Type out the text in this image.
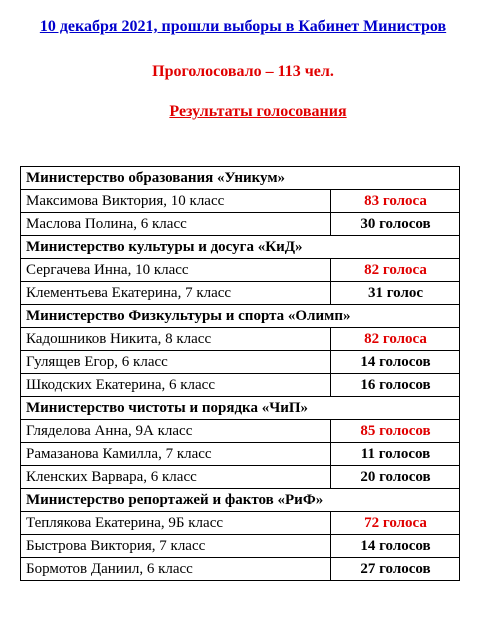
10 декабря 2021, прошли выборы в Кабинет Министров
Проголосовало – 113 чел.
Результаты голосования
Министерство образования «Уникум»	
Максимова Виктория, 10 класс	83 голоса
Маслова Полина, 6 класс	30 голосов
Министерство культуры и досуга «КиД»	
Сергачева Инна, 10 класс	82 голоса
Клементьева Екатерина, 7 класс	31 голос
Министерство Физкультуры и спорта «Олимп»	
Кадошников Никита, 8 класс	82 голоса
Гулящев Егор, 6 класс	14 голосов
Шкодских Екатерина, 6 класс	16 голосов
Министерство чистоты и порядка «ЧиП»	
Гляделова Анна, 9А класс	85 голосов
Рамазанова Камилла, 7 класс	11 голосов
Кленских Варвара, 6 класс	20 голосов
Министерство репортажей и фактов «РиФ»	
Теплякова Екатерина, 9Б класс	72 голоса
Быстрова Виктория, 7 класс	14 голосов
Бормотов Даниил, 6 класс	27 голосов
